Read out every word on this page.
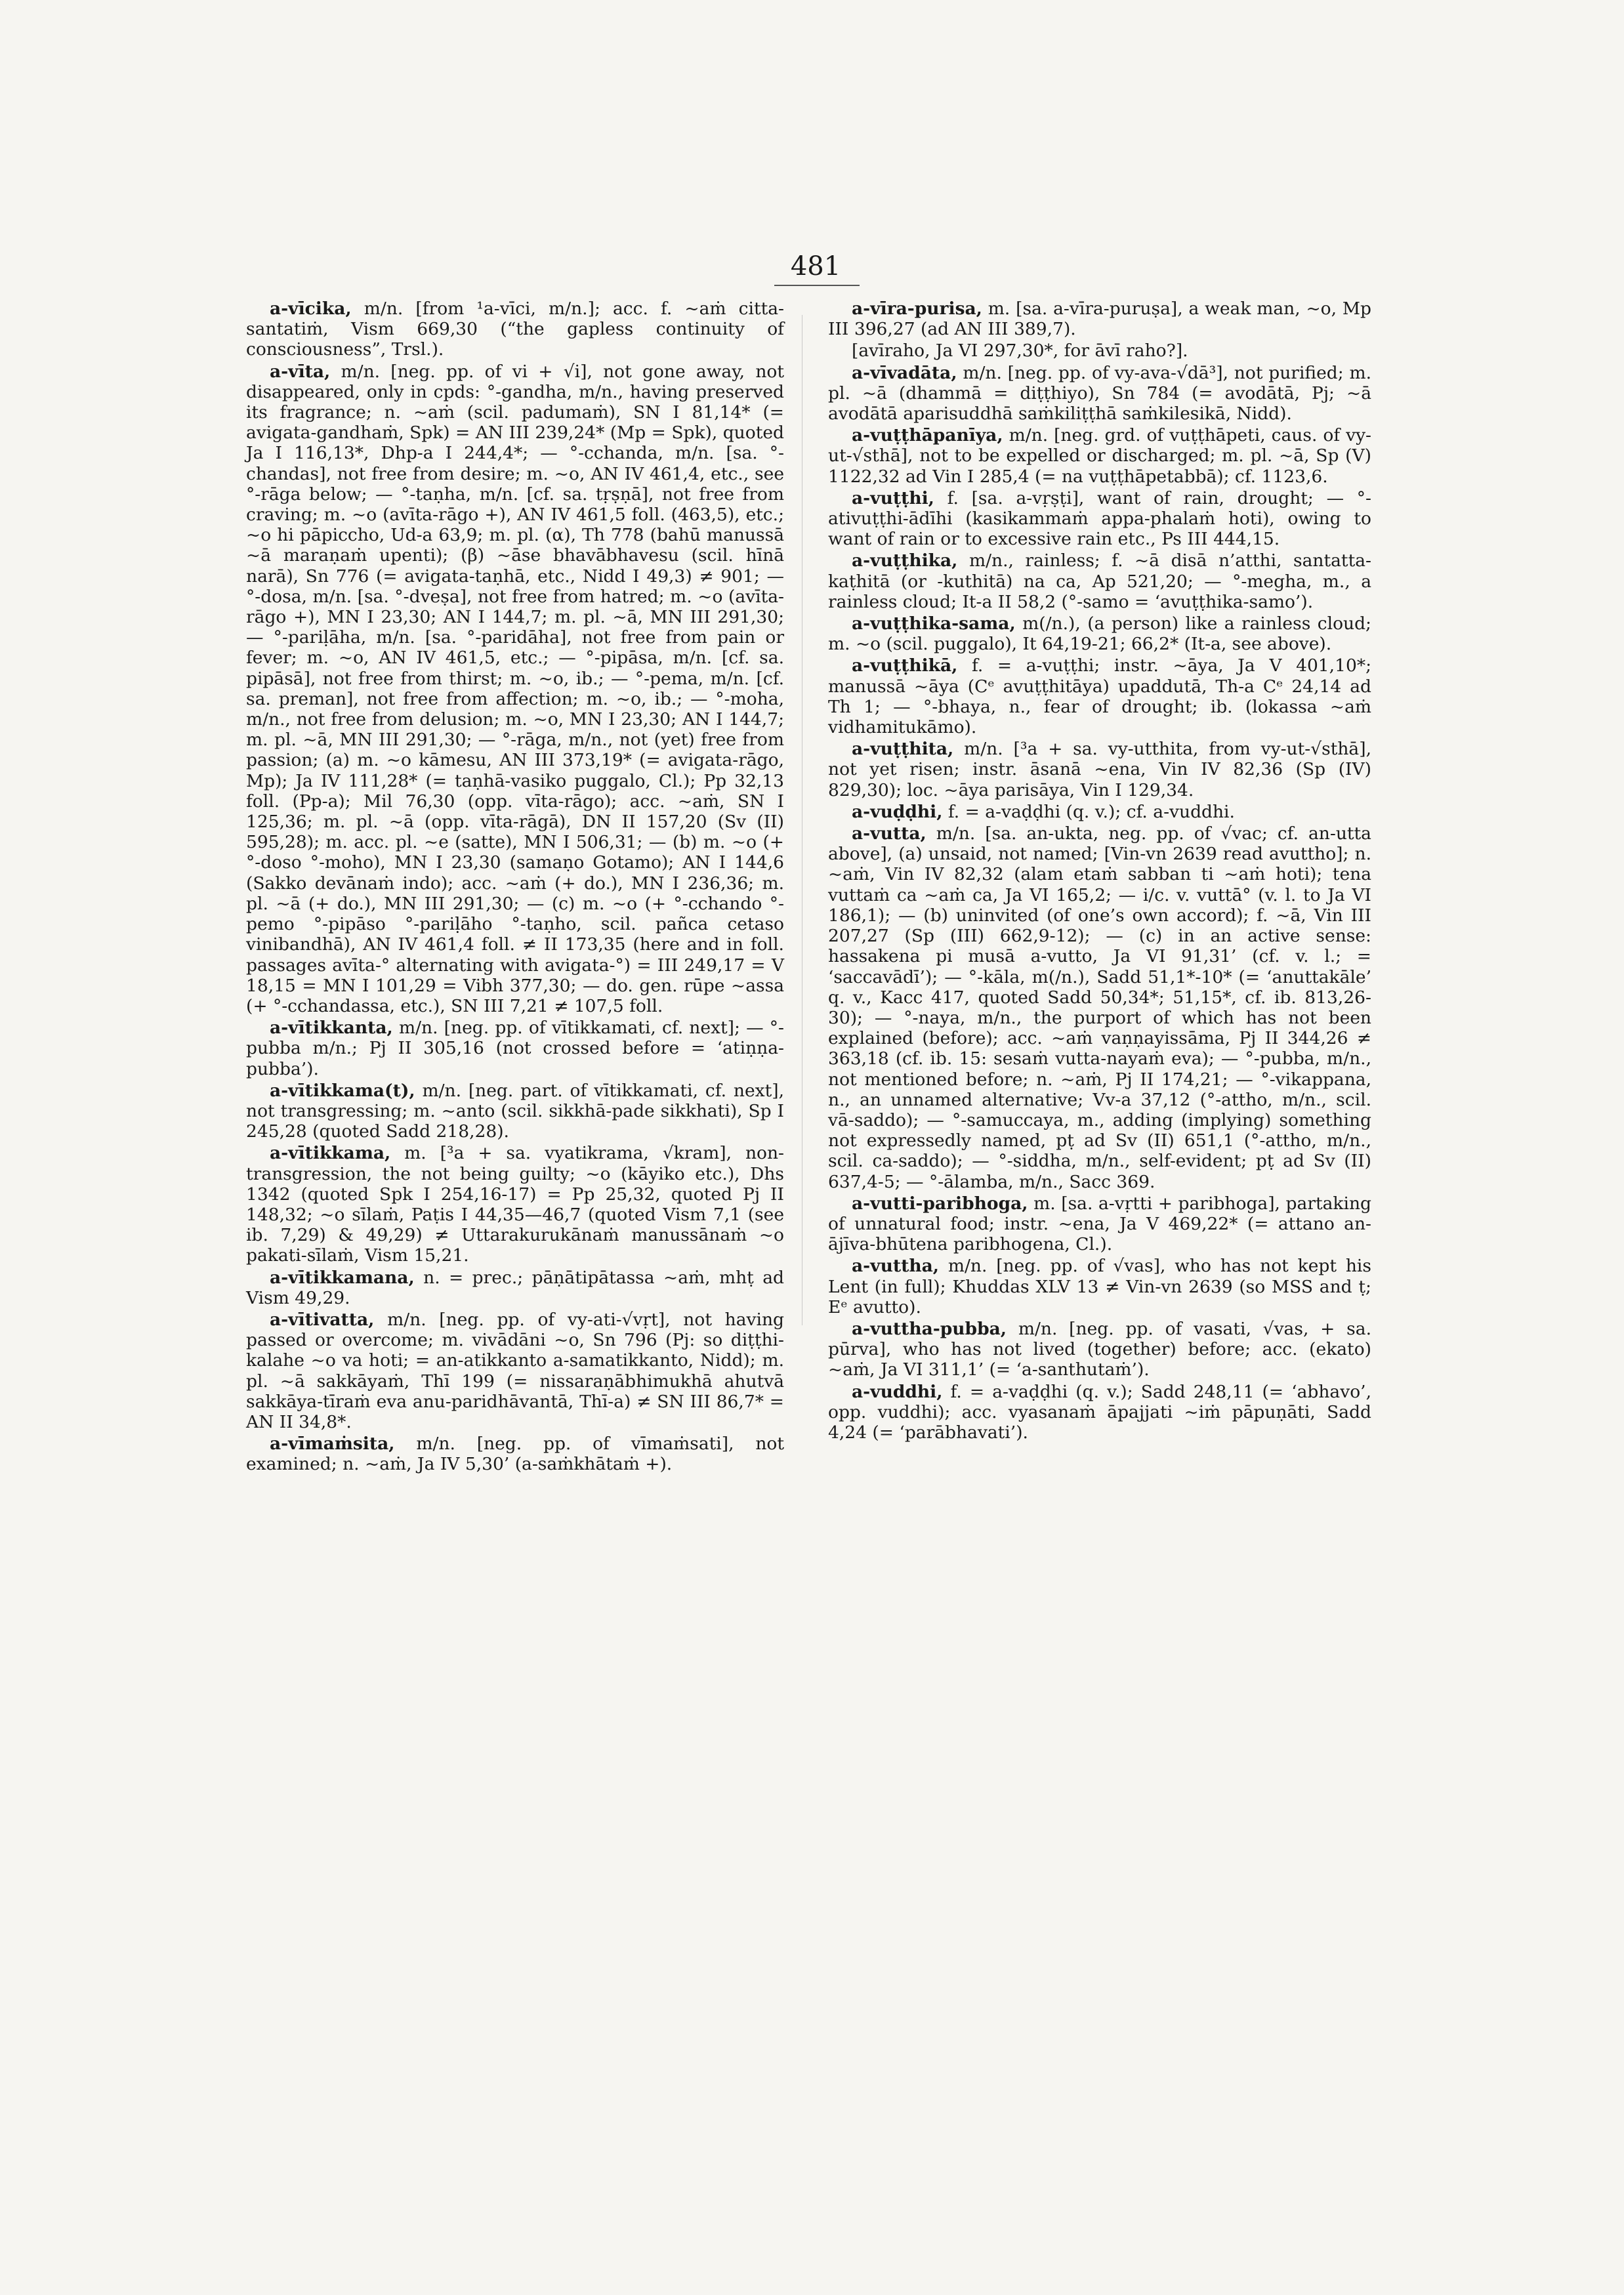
481

a-vīcika, m/n. [from ¹a-vīci, m/n.]; acc. f. ~aṁ citta-santatiṁ, Vism 669,30 (“the gapless continuity of consciousness”, Trsl.).

a-vīta, m/n. [neg. pp. of vi + √i], not gone away, not disappeared, only in cpds: °-gandha, m/n., having preserved its fragrance; n. ~aṁ (scil. padumaṁ), SN I 81,14* (= avigata-gandhaṁ, Spk) = AN III 239,24* (Mp = Spk), quoted Ja I 116,13*, Dhp-a I 244,4*; — °-cchanda, m/n. [sa. °-chandas], not free from desire; m. ~o, AN IV 461,4, etc., see °-rāga below; — °-taṇha, m/n. [cf. sa. tṛṣṇā], not free from craving; m. ~o (avīta-rāgo +), AN IV 461,5 foll. (463,5), etc.; ~o hi pāpiccho, Ud-a 63,9; m. pl. (α), Th 778 (bahū manussā ~ā maraṇaṁ upenti); (β) ~āse bhavābhavesu (scil. hīnā narā), Sn 776 (= avigata-taṇhā, etc., Nidd I 49,3) ≠ 901; — °-dosa, m/n. [sa. °-dveṣa], not free from hatred; m. ~o (avīta-rāgo +), MN I 23,30; AN I 144,7; m. pl. ~ā, MN III 291,30; — °-pariḷāha, m/n. [sa. °-paridāha], not free from pain or fever; m. ~o, AN IV 461,5, etc.; — °-pipāsa, m/n. [cf. sa. pipāsā], not free from thirst; m. ~o, ib.; — °-pema, m/n. [cf. sa. preman], not free from affection; m. ~o, ib.; — °-moha, m/n., not free from delusion; m. ~o, MN I 23,30; AN I 144,7; m. pl. ~ā, MN III 291,30; — °-rāga, m/n., not (yet) free from passion; (a) m. ~o kāmesu, AN III 373,19* (= avigata-rāgo, Mp); Ja IV 111,28* (= taṇhā-vasiko puggalo, Cl.); Pp 32,13 foll. (Pp-a); Mil 76,30 (opp. vīta-rāgo); acc. ~aṁ, SN I 125,36; m. pl. ~ā (opp. vīta-rāgā), DN II 157,20 (Sv (II) 595,28); m. acc. pl. ~e (satte), MN I 506,31; — (b) m. ~o (+ °-doso °-moho), MN I 23,30 (samaṇo Gotamo); AN I 144,6 (Sakko devānaṁ indo); acc. ~aṁ (+ do.), MN I 236,36; m. pl. ~ā (+ do.), MN III 291,30; — (c) m. ~o (+ °-cchando °-pemo °-pipāso °-pariḷāho °-taṇho, scil. pañca cetaso vinibandhā), AN IV 461,4 foll. ≠ II 173,35 (here and in foll. passages avīta-° alternating with avigata-°) = III 249,17 = V 18,15 = MN I 101,29 = Vibh 377,30; — do. gen. rūpe ~assa (+ °-cchandassa, etc.), SN III 7,21 ≠ 107,5 foll.

a-vītikkanta, m/n. [neg. pp. of vītikkamati, cf. next]; — °-pubba m/n.; Pj II 305,16 (not crossed before = ‘atiṇṇa-pubba’).

a-vītikkama(t), m/n. [neg. part. of vītikkamati, cf. next], not transgressing; m. ~anto (scil. sikkhā-pade sikkhati), Sp I 245,28 (quoted Sadd 218,28).

a-vītikkama, m. [³a + sa. vyatikrama, √kram], non-transgression, the not being guilty; ~o (kāyiko etc.), Dhs 1342 (quoted Spk I 254,16-17) = Pp 25,32, quoted Pj II 148,32; ~o sīlaṁ, Paṭis I 44,35—46,7 (quoted Vism 7,1 (see ib. 7,29) & 49,29) ≠ Uttarakurukānaṁ manussānaṁ ~o pakati-sīlaṁ, Vism 15,21.

a-vītikkamana, n. = prec.; pāṇātipātassa ~aṁ, mhṭ ad Vism 49,29.

a-vītivatta, m/n. [neg. pp. of vy-ati-√vṛt], not having passed or overcome; m. vivādāni ~o, Sn 796 (Pj: so diṭṭhi-kalahe ~o va hoti; = an-atikkanto a-samatikkanto, Nidd); m. pl. ~ā sakkāyaṁ, Thī 199 (= nissaraṇābhimukhā ahutvā sakkāya-tīraṁ eva anu-paridhāvantā, Thī-a) ≠ SN III 86,7* = AN II 34,8*.

a-vīmaṁsita, m/n. [neg. pp. of vīmaṁsati], not examined; n. ~aṁ, Ja IV 5,30’ (a-saṁkhātaṁ +).

a-vīra-purisa, m. [sa. a-vīra-puruṣa], a weak man, ~o, Mp III 396,27 (ad AN III 389,7).

[avīraho, Ja VI 297,30*, for āvī raho?].

a-vīvadāta, m/n. [neg. pp. of vy-ava-√dā³], not purified; m. pl. ~ā (dhammā = diṭṭhiyo), Sn 784 (= avodātā, Pj; ~ā avodātā aparisuddhā saṁkiliṭṭhā saṁkilesikā, Nidd).

a-vuṭṭhāpanīya, m/n. [neg. grd. of vuṭṭhāpeti, caus. of vy-ut-√sthā], not to be expelled or discharged; m. pl. ~ā, Sp (V) 1122,32 ad Vin I 285,4 (= na vuṭṭhāpetabbā); cf. 1123,6.

a-vuṭṭhi, f. [sa. a-vṛṣṭi], want of rain, drought; — °-ativuṭṭhi-ādīhi (kasikammaṁ appa-phalaṁ hoti), owing to want of rain or to excessive rain etc., Ps III 444,15.

a-vuṭṭhika, m/n., rainless; f. ~ā disā n’atthi, santatta-kaṭhitā (or -kuthitā) na ca, Ap 521,20; — °-megha, m., a rainless cloud; It-a II 58,2 (°-samo = ‘avuṭṭhika-samo’).

a-vuṭṭhika-sama, m(/n.), (a person) like a rainless cloud; m. ~o (scil. puggalo), It 64,19-21; 66,2* (It-a, see above).

a-vuṭṭhikā, f. = a-vuṭṭhi; instr. ~āya, Ja V 401,10*; manussā ~āya (Cᵉ avuṭṭhitāya) upaddutā, Th-a Cᵉ 24,14 ad Th 1; — °-bhaya, n., fear of drought; ib. (lokassa ~aṁ vidhamitukāmo).

a-vuṭṭhita, m/n. [³a + sa. vy-utthita, from vy-ut-√sthā], not yet risen; instr. āsanā ~ena, Vin IV 82,36 (Sp (IV) 829,30); loc. ~āya parisāya, Vin I 129,34.

a-vuḍḍhi, f. = a-vaḍḍhi (q. v.); cf. a-vuddhi.

a-vutta, m/n. [sa. an-ukta, neg. pp. of √vac; cf. an-utta above], (a) unsaid, not named; [Vin-vn 2639 read avuttho]; n. ~aṁ, Vin IV 82,32 (alam etaṁ sabban ti ~aṁ hoti); tena vuttaṁ ca ~aṁ ca, Ja VI 165,2; — i/c. v. vuttā° (v. l. to Ja VI 186,1); — (b) uninvited (of one’s own accord); f. ~ā, Vin III 207,27 (Sp (III) 662,9-12); — (c) in an active sense: hassakena pi musā a-vutto, Ja VI 91,31’ (cf. v. l.; = ‘saccavādī’); — °-kāla, m(/n.), Sadd 51,1*-10* (= ‘anuttakāle’ q. v., Kacc 417, quoted Sadd 50,34*; 51,15*, cf. ib. 813,26-30); — °-naya, m/n., the purport of which has not been explained (before); acc. ~aṁ vaṇṇayissāma, Pj II 344,26 ≠ 363,18 (cf. ib. 15: sesaṁ vutta-nayaṁ eva); — °-pubba, m/n., not mentioned before; n. ~aṁ, Pj II 174,21; — °-vikappana, n., an unnamed alternative; Vv-a 37,12 (°-attho, m/n., scil. vā-saddo); — °-samuccaya, m., adding (implying) something not expressedly named, pṭ ad Sv (II) 651,1 (°-attho, m/n., scil. ca-saddo); — °-siddha, m/n., self-evident; pṭ ad Sv (II) 637,4-5; — °-ālamba, m/n., Sacc 369.

a-vutti-paribhoga, m. [sa. a-vṛtti + paribhoga], partaking of unnatural food; instr. ~ena, Ja V 469,22* (= attano an-ājīva-bhūtena paribhogena, Cl.).

a-vuttha, m/n. [neg. pp. of √vas], who has not kept his Lent (in full); Khuddas XLV 13 ≠ Vin-vn 2639 (so MSS and ṭ; Eᵉ avutto).

a-vuttha-pubba, m/n. [neg. pp. of vasati, √vas, + sa. pūrva], who has not lived (together) before; acc. (ekato) ~aṁ, Ja VI 311,1’ (= ‘a-santhutaṁ’).

a-vuddhi, f. = a-vaḍḍhi (q. v.); Sadd 248,11 (= ‘abhavo’, opp. vuddhi); acc. vyasanaṁ āpajjati ~iṁ pāpuṇāti, Sadd 4,24 (= ‘parābhavati’).
